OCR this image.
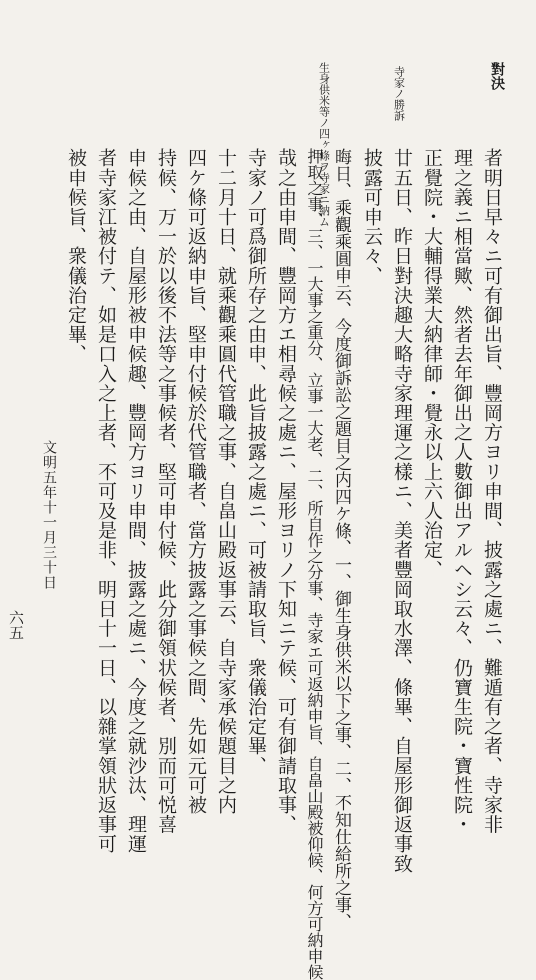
對決
寺家ノ勝訴
生身供米等ノ四ヶ條ヲ寺家ニ納ム
者明日早々ニ可有御出旨、豐岡方ヨリ申間、披露之處ニ、難遁有之者、寺家非
理之義ニ相當歟、然者去年御出之人數御出アルヘシ云々、仍寶生院・寶性院・
正覺院・大輔得業大納律師・覺永以上六人治定、
廿五日、昨日對決趣大略寺家理運之樣ニ、美者豐岡取水澤、條畢、自屋形御返事致
披露可申云々、
晦日、乘觀乘圓申云、今度御訴訟之題目之内四ケ條、一、御生身供米以下之事、二、不知仕給所之事、
押取之事、三、一大事之重分、立事一大老、二、所自作之分事、寺家エ可返納申旨、自畠山殿被仰候、何方可納申候
哉之由申間、豐岡方エ相尋候之處ニ、屋形ヨリノ下知ニテ候、可有御請取事、
寺家ノ可爲御所存之由申、此旨披露之處ニ、可被請取旨、衆儀治定畢、
十二月十日、就乘觀乘圓代管職之事、自畠山殿返事云、自寺家承候題目之内
四ケ條可返納申旨、堅申付候於代管職者、當方披露之事候之間、先如元可被
持候、万一於以後不法等之事候者、堅可申付候、此分御領状候者、別而可悦喜
申候之由、自屋形被申候趣、豐岡方ヨリ申間、披露之處ニ、今度之就沙汰、理運
者寺家江被付テ、如是口入之上者、不可及是非、明日十一日、以雜掌領狀返事可
被申候旨、衆儀治定畢、
文明五年十一月三十日
六五
